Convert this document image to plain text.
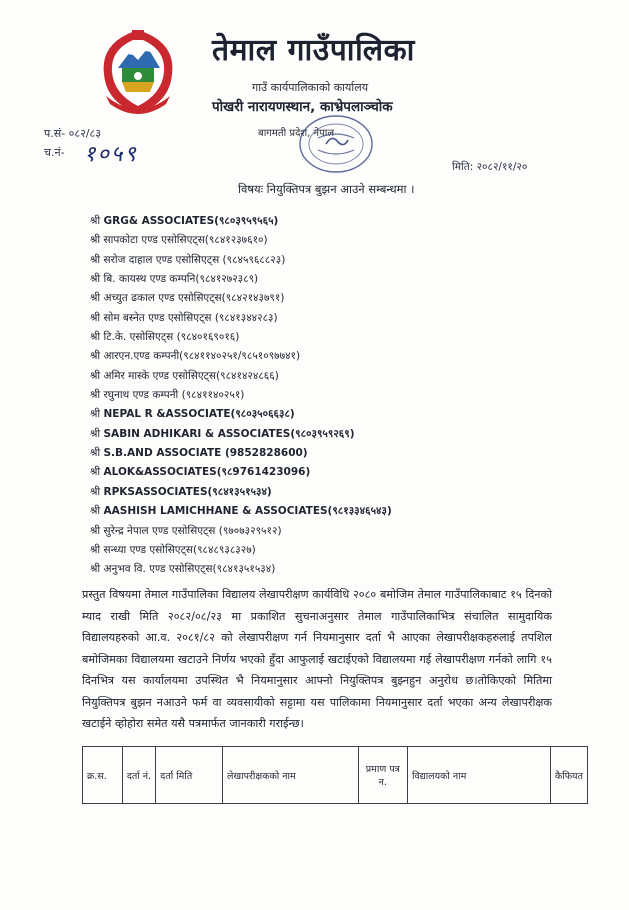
तेमाल गाउँपालिका
गाउँ कार्यपालिकाको कार्यालय
पोखरी नारायणस्थान, काभ्रेपलाञ्चोक
बागमती प्रदेश, नेपाल
प.सं- ०८२/८३
च.नं- १०५९	मिति: २०८२/११/२०
विषयः नियुक्तिपत्र बुझन आउने सम्बन्धमा ।
श्री GRG& ASSOCIATES(९८०३९५९५६५)
श्री सापकोटा एण्ड एसोसिएट्स(९८४१२३७६१०)
श्री सरोज दाहाल एण्ड एसोसिएट्स (९८४५९६८८२३)
श्री बि. कायस्थ एण्ड कम्पनि(९८४१२७२३८९)
श्री अच्युत ढकाल एण्ड एसोसिएट्स(९८४२१४३७९१)
श्री सोम बस्नेत एण्ड एसोसिएट्स (९८४१३४४२८३)
श्री टि.के. एसोसिएट्स (९८४०१६९०१६)
श्री आरएन.एण्ड कम्पनी(९८४११४०२५१/९८५१०९७७४१)
श्री अमिर मास्के एण्ड एसोसिएट्स(९८४१४२४८६६)
श्री रघुनाथ एण्ड कम्पनी (९८४११४०२५१)
श्री NEPAL R &ASSOCIATE(९८०३५०६६३८)
श्री SABIN ADHIKARI & ASSOCIATES(९८०३९५९२६९)
श्री S.B.AND ASSOCIATE (9852828600)
श्री ALOK&ASSOCIATES(९८9761423096)
श्री RPKSASSOCIATES(९८४१३५१५३४)
श्री AASHISH LAMICHHANE & ASSOCIATES(९८१३३४६५४३)
श्री सुरेन्द्र नेपाल एण्ड एसोसिएट्स (९७०७३२९५१२)
श्री सन्ध्या एण्ड एसोसिएट्स(९८४८९३८३२७)
श्री अनुभव वि. एण्ड एसोसिएट्स(९८४१३५१५३४)
प्रस्तुत विषयमा तेमाल गाउँपालिका विद्यालय लेखापरीक्षण कार्यविधि २०८० बमोजिम तेमाल गाउँपालिकाबाट १५ दिनको म्याद राखी मिति २०८२/०८/२३ मा प्रकाशित सुचनाअनुसार तेमाल गाउँपालिकाभित्र संचालित सामुदायिक विद्यालयहरुको आ.व. २०८१/८२ को लेखापरीक्षण गर्न नियमानुसार दर्ता भै आएका लेखापरीक्षकहरुलाई तपशिल बमोजिमका विद्यालयमा खटाउने निर्णय भएको हुँदा आफुलाई खटाईएको विद्यालयमा गई लेखापरीक्षण गर्नको लागि १५ दिनभित्र यस कार्यालयमा उपस्थित भै नियमानुसार आफ्नो नियुक्तिपत्र बुझ्नहुन अनुरोध छ।तोकिएको मितिमा नियुक्तिपत्र बुझन नआउने फर्म वा व्यवसायीको सट्टामा यस पालिकामा नियमानुसार दर्ता भएका अन्य लेखापरीक्षक खटाईने व्होहोरा समेत यसै पत्रमार्फत जानकारी गराईन्छ।
क्र.स.	दर्ता नं.	दर्ता मिति	लेखापरीक्षकको नाम	प्रमाण पत्र न.	विद्यालयको नाम	कैफियत
